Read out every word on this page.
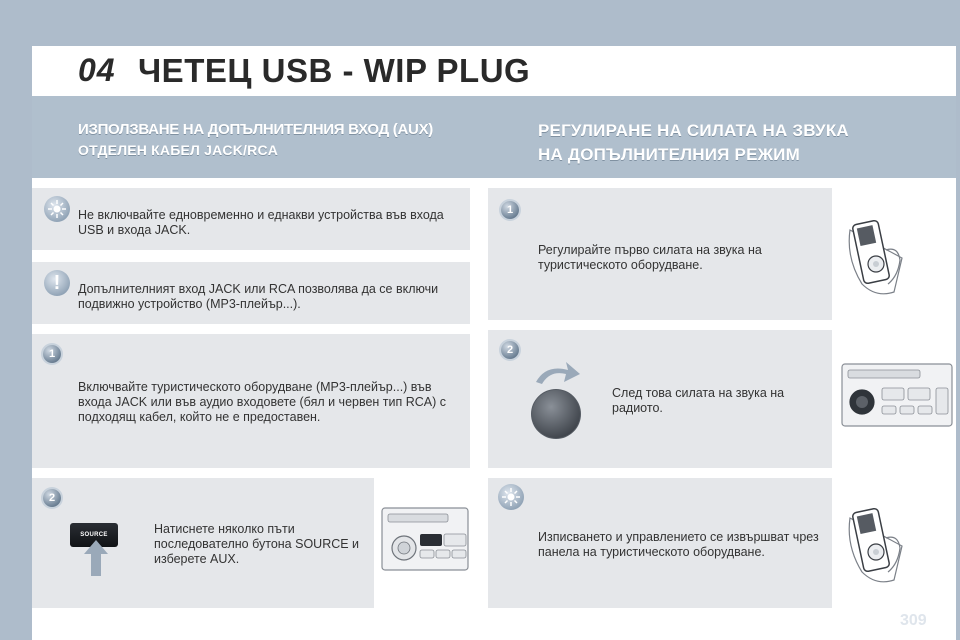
04 ЧЕТЕЦ USB - WIP PLUG
ИЗПОЛЗВАНЕ НА ДОПЪЛНИТЕЛНИЯ ВХОД (AUX)
ОТДЕЛЕН КАБЕЛ JACK/RCA
РЕГУЛИРАНЕ НА СИЛАТА НА ЗВУКА
НА ДОПЪЛНИТЕЛНИЯ РЕЖИМ
Не включвайте едновременно и еднакви устройства във входа
USB и входа JACK.
!	Допълнителният вход JACK или RCA позволява да се включи
подвижно устройство (MP3-плейър...).
1
Включвайте туристическото оборудване (MP3-плейър...) във
входа JACK или във аудио входовете (бял и червен тип RCA) с
подходящ кабел, който не е предоставен.
2
SOURCE	Натиснете няколко пъти
последователно бутона SOURCE и
изберете AUX.
1
Регулирайте първо силата на звука на
туристическото оборудване.
2
След това силата на звука на
радиото.
Изписването и управлението се извършват чрез
панела на туристическото оборудване.
309
